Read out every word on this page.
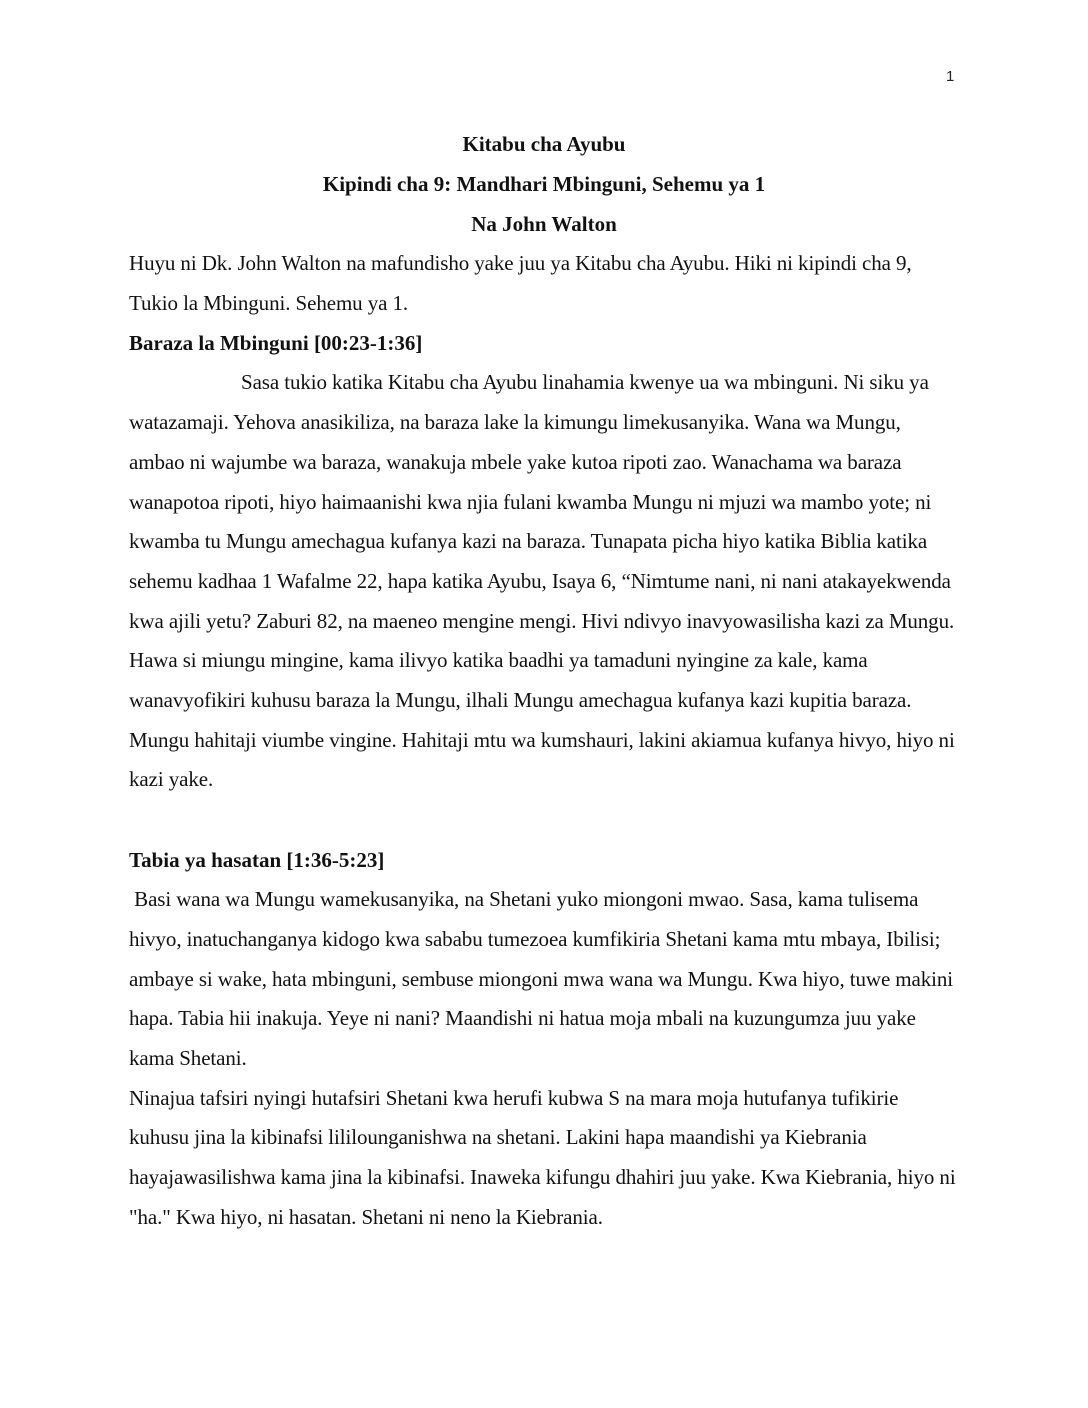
1

Kitabu cha Ayubu

Kipindi cha 9: Mandhari Mbinguni, Sehemu ya 1

Na John Walton

Huyu ni Dk. John Walton na mafundisho yake juu ya Kitabu cha Ayubu. Hiki ni kipindi cha 9, Tukio la Mbinguni. Sehemu ya 1.

Baraza la Mbinguni [00:23-1:36]

Sasa tukio katika Kitabu cha Ayubu linahamia kwenye ua wa mbinguni. Ni siku ya watazamaji. Yehova anasikiliza, na baraza lake la kimungu limekusanyika. Wana wa Mungu, ambao ni wajumbe wa baraza, wanakuja mbele yake kutoa ripoti zao. Wanachama wa baraza wanapotoa ripoti, hiyo haimaanishi kwa njia fulani kwamba Mungu ni mjuzi wa mambo yote; ni kwamba tu Mungu amechagua kufanya kazi na baraza. Tunapata picha hiyo katika Biblia katika sehemu kadhaa 1 Wafalme 22, hapa katika Ayubu, Isaya 6, “Nimtume nani, ni nani atakayekwenda kwa ajili yetu? Zaburi 82, na maeneo mengine mengi. Hivi ndivyo inavyowasilisha kazi za Mungu.

Hawa si miungu mingine, kama ilivyo katika baadhi ya tamaduni nyingine za kale, kama wanavyofikiri kuhusu baraza la Mungu, ilhali Mungu amechagua kufanya kazi kupitia baraza. Mungu hahitaji viumbe vingine. Hahitaji mtu wa kumshauri, lakini akiamua kufanya hivyo, hiyo ni kazi yake.

Tabia ya hasatan [1:36-5:23]

Basi wana wa Mungu wamekusanyika, na Shetani yuko miongoni mwao. Sasa, kama tulisema hivyo, inatuchanganya kidogo kwa sababu tumezoea kumfikiria Shetani kama mtu mbaya, Ibilisi; ambaye si wake, hata mbinguni, sembuse miongoni mwa wana wa Mungu. Kwa hiyo, tuwe makini hapa. Tabia hii inakuja. Yeye ni nani? Maandishi ni hatua moja mbali na kuzungumza juu yake kama Shetani.

Ninajua tafsiri nyingi hutafsiri Shetani kwa herufi kubwa S na mara moja hutufanya tufikirie kuhusu jina la kibinafsi lililounganishwa na shetani. Lakini hapa maandishi ya Kiebrania hayajawasilishwa kama jina la kibinafsi. Inaweka kifungu dhahiri juu yake. Kwa Kiebrania, hiyo ni "ha." Kwa hiyo, ni hasatan. Shetani ni neno la Kiebrania.
